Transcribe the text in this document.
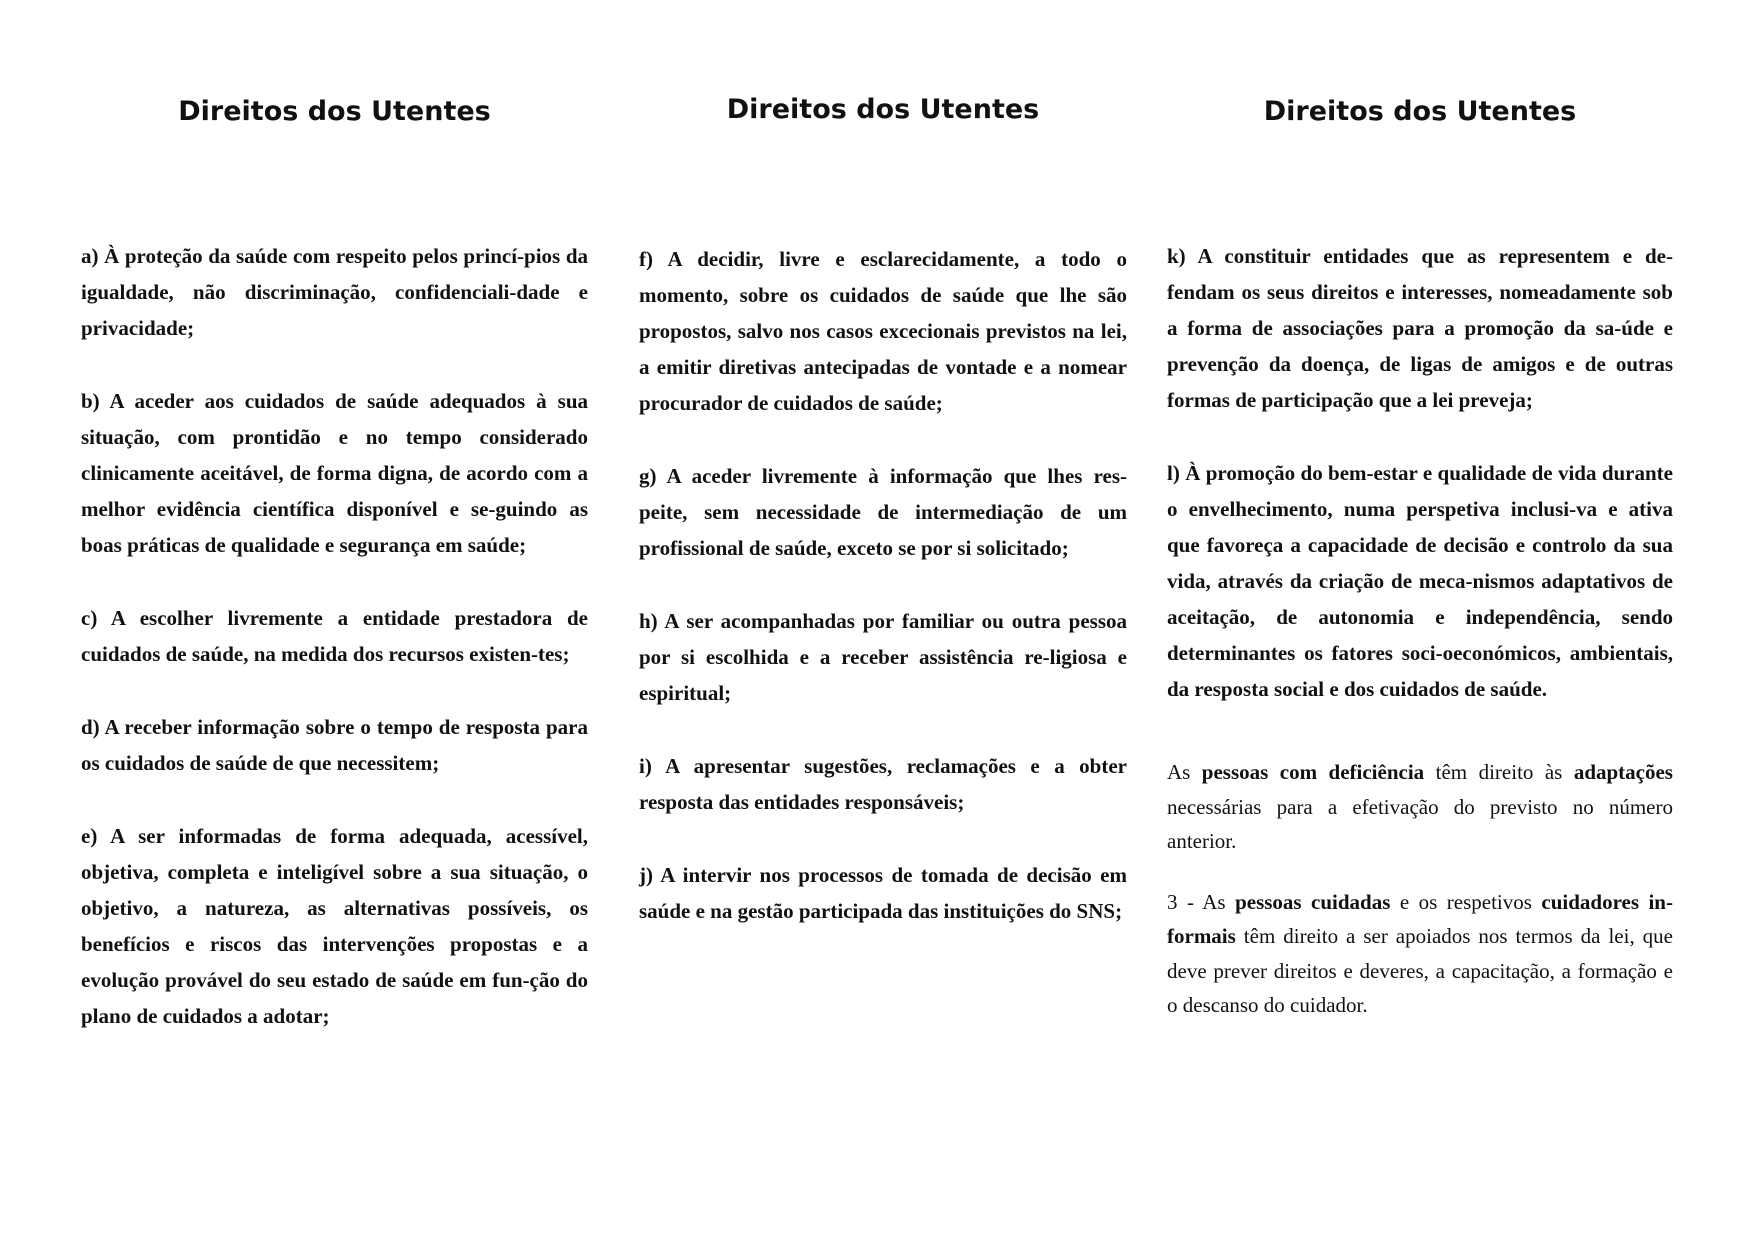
Direitos dos Utentes

a) À proteção da saúde com respeito pelos princí-pios da igualdade, não discriminação, confidenciali-dade e privacidade;

b) A aceder aos cuidados de saúde adequados à sua situação, com prontidão e no tempo considerado clinicamente aceitável, de forma digna, de acordo com a melhor evidência científica disponível e se-guindo as boas práticas de qualidade e segurança em saúde;

c) A escolher livremente a entidade prestadora de cuidados de saúde, na medida dos recursos existen-tes;

d) A receber informação sobre o tempo de resposta para os cuidados de saúde de que necessitem;

e) A ser informadas de forma adequada, acessível, objetiva, completa e inteligível sobre a sua situação, o objetivo, a natureza, as alternativas possíveis, os benefícios e riscos das intervenções propostas e a evolução provável do seu estado de saúde em fun-ção do plano de cuidados a adotar;

Direitos dos Utentes

f) A decidir, livre e esclarecidamente, a todo o momento, sobre os cuidados de saúde que lhe são propostos, salvo nos casos excecionais previstos na lei, a emitir diretivas antecipadas de vontade e a nomear procurador de cuidados de saúde;

g) A aceder livremente à informação que lhes res-peite, sem necessidade de intermediação de um profissional de saúde, exceto se por si solicitado;

h) A ser acompanhadas por familiar ou outra pessoa por si escolhida e a receber assistência re-ligiosa e espiritual;

i) A apresentar sugestões, reclamações e a obter resposta das entidades responsáveis;

j) A intervir nos processos de tomada de decisão em saúde e na gestão participada das instituições do SNS;

Direitos dos Utentes

k) A constituir entidades que as representem e de-fendam os seus direitos e interesses, nomeadamente sob a forma de associações para a promoção da sa-úde e prevenção da doença, de ligas de amigos e de outras formas de participação que a lei preveja;

l) À promoção do bem-estar e qualidade de vida durante o envelhecimento, numa perspetiva inclusi-va e ativa que favoreça a capacidade de decisão e controlo da sua vida, através da criação de meca-nismos adaptativos de aceitação, de autonomia e independência, sendo determinantes os fatores soci-oeconómicos, ambientais, da resposta social e dos cuidados de saúde.

As pessoas com deficiência têm direito às adaptações necessárias para a efetivação do previsto no número anterior.

3 - As pessoas cuidadas e os respetivos cuidadores in-formais têm direito a ser apoiados nos termos da lei, que deve prever direitos e deveres, a capacitação, a formação e o descanso do cuidador.
